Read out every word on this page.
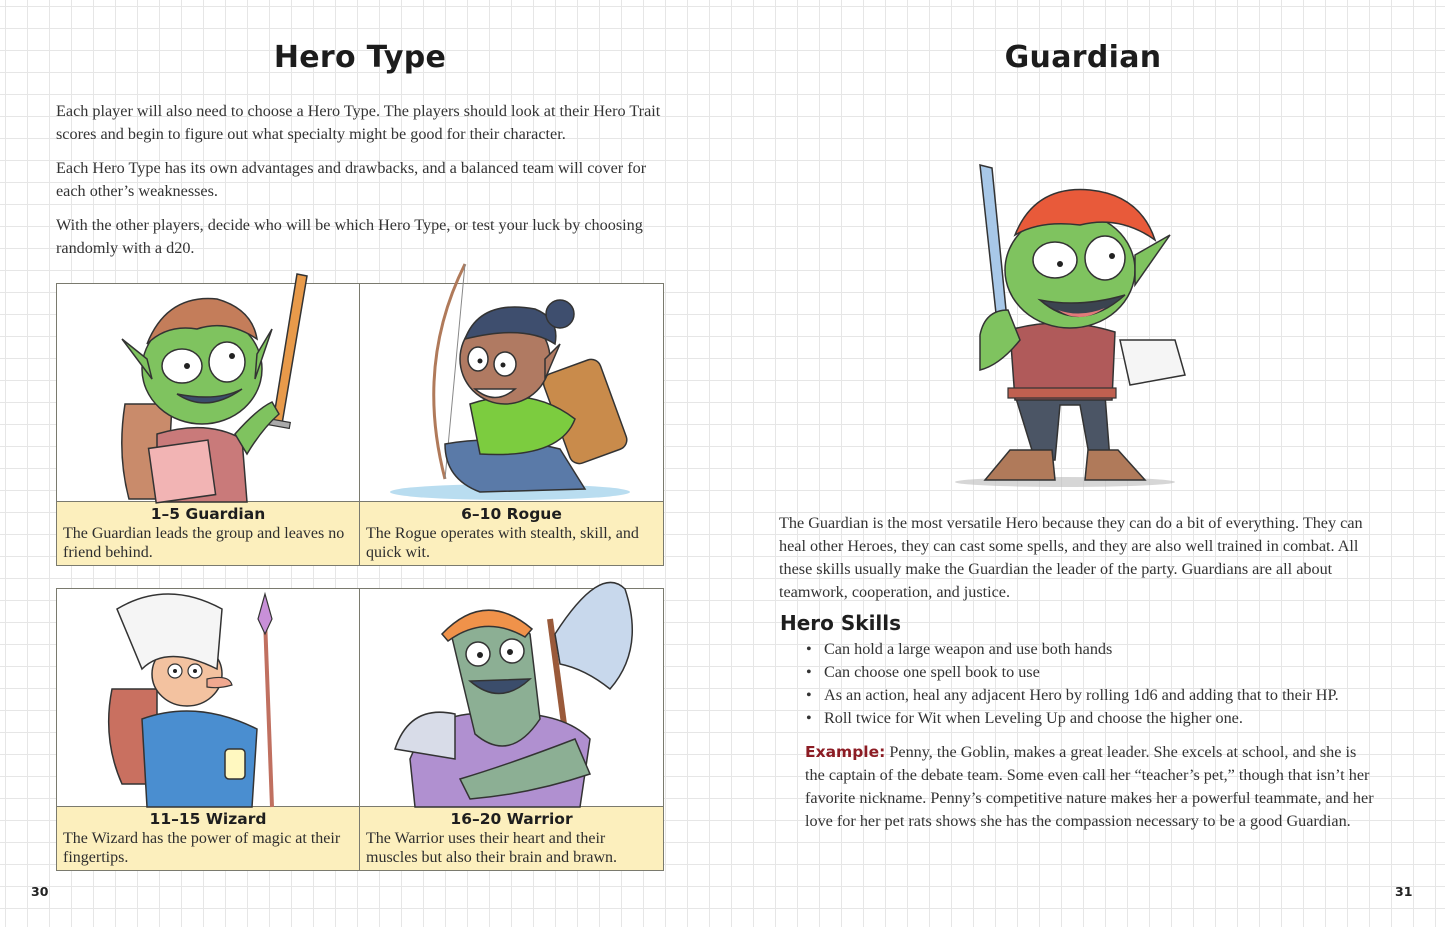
Hero Type

Each player will also need to choose a Hero Type. The players should look at their Hero Trait scores and begin to figure out what specialty might be good for their character.

Each Hero Type has its own advantages and drawbacks, and a balanced team will cover for each other’s weaknesses.

With the other players, decide who will be which Hero Type, or test your luck by choosing randomly with a d20.

1–5 Guardian
The Guardian leads the group and leaves no friend behind.
6–10 Rogue
The Rogue operates with stealth, skill, and quick wit.
11–15 Wizard
The Wizard has the power of magic at their fingertips.
16–20 Warrior
The Warrior uses their heart and their muscles but also their brain and brawn.
30
Guardian

The Guardian is the most versatile Hero because they can do a bit of everything. They can heal other Heroes, they can cast some spells, and they are also well trained in combat. All these skills usually make the Guardian the leader of the party. Guardians are all about teamwork, cooperation, and justice.

Hero Skills
• Can hold a large weapon and use both hands
• Can choose one spell book to use
• As an action, heal any adjacent Hero by rolling 1d6 and adding that to their HP.
• Roll twice for Wit when Leveling Up and choose the higher one.

Example: Penny, the Goblin, makes a great leader. She excels at school, and she is the captain of the debate team. Some even call her “teacher’s pet,” though that isn’t her favorite nickname. Penny’s competitive nature makes her a powerful teammate, and her love for her pet rats shows she has the compassion necessary to be a good Guardian.

31
